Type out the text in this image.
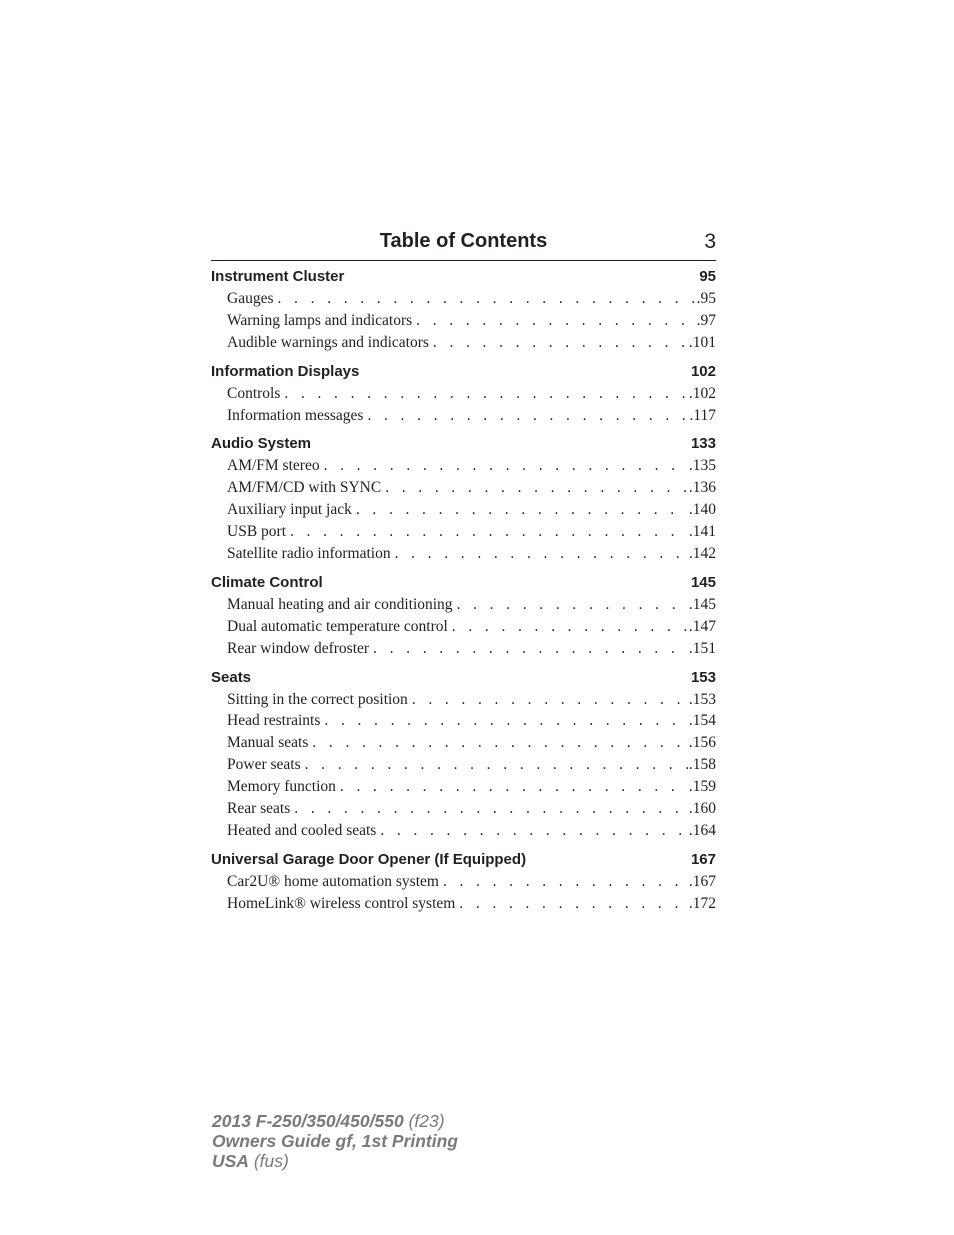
Table of Contents	3
Instrument Cluster	95
Gauges . . .	.95
Warning lamps and indicators . . .	.97
Audible warnings and indicators . . .	.101
Information Displays	102
Controls . . .	.102
Information messages . . .	.117
Audio System	133
AM/FM stereo . . .	.135
AM/FM/CD with SYNC . . .	.136
Auxiliary input jack . . .	.140
USB port . . .	.141
Satellite radio information . . .	.142
Climate Control	145
Manual heating and air conditioning . . .	.145
Dual automatic temperature control . . .	.147
Rear window defroster . . .	.151
Seats	153
Sitting in the correct position . . .	.153
Head restraints . . .	.154
Manual seats . . .	.156
Power seats . . .	.158
Memory function . . .	.159
Rear seats . . .	.160
Heated and cooled seats . . .	.164
Universal Garage Door Opener (If Equipped)	167
Car2U® home automation system . . .	.167
HomeLink® wireless control system . . .	.172
2013 F-250/350/450/550 (f23)
Owners Guide gf, 1st Printing
USA (fus)
